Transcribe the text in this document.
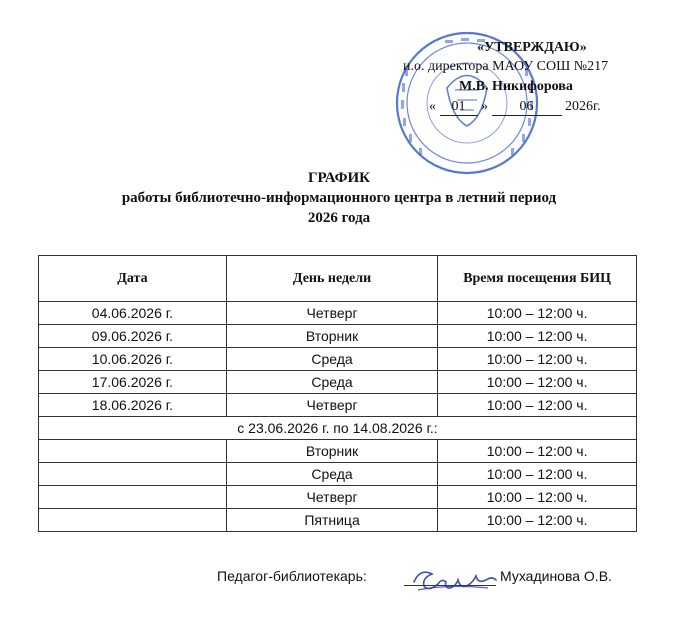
«УТВЕРЖДАЮ»
и.о. директора МАОУ СОШ №217
М.В. Никифорова
« 01 » 06 2026г.
ГРАФИК
работы библиотечно-информационного центра в летний период
2026 года
Дата	День недели	Время посещения БИЦ
04.06.2026 г.	Четверг	10:00 – 12:00 ч.
09.06.2026 г.	Вторник	10:00 – 12:00 ч.
10.06.2026 г.	Среда	10:00 – 12:00 ч.
17.06.2026 г.	Среда	10:00 – 12:00 ч.
18.06.2026 г.	Четверг	10:00 – 12:00 ч.
с 23.06.2026 г. по 14.08.2026 г.:		
	Вторник	10:00 – 12:00 ч.
	Среда	10:00 – 12:00 ч.
	Четверг	10:00 – 12:00 ч.
	Пятница	10:00 – 12:00 ч.
Педагог-библиотекарь:	Мухадинова О.В.
